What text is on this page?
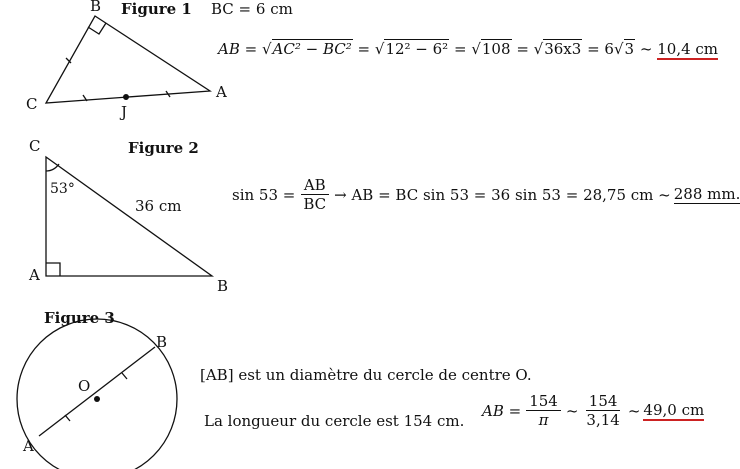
Figure 1 BC = 6 cm
B
C
A
J
AB = √AC² − BC² = √12² − 6² = √108 = √36x3 = 6√3 ~ 10,4 cm
Figure 2
C
A
B
53°
36 cm
$\sin 53 = \frac{AB}{BC}$ → AB = BC sin 53 = 36 sin 53 = 28,75 cm ~ 288 mm.
Figure 3
O
B
A
[AB] est un diamètre du cercle de centre O.
La longueur du cercle est 154 cm.
AB = $\frac{154}{\pi}$ ~ $\frac{154}{3,14}$ ~ 49,0 cm
